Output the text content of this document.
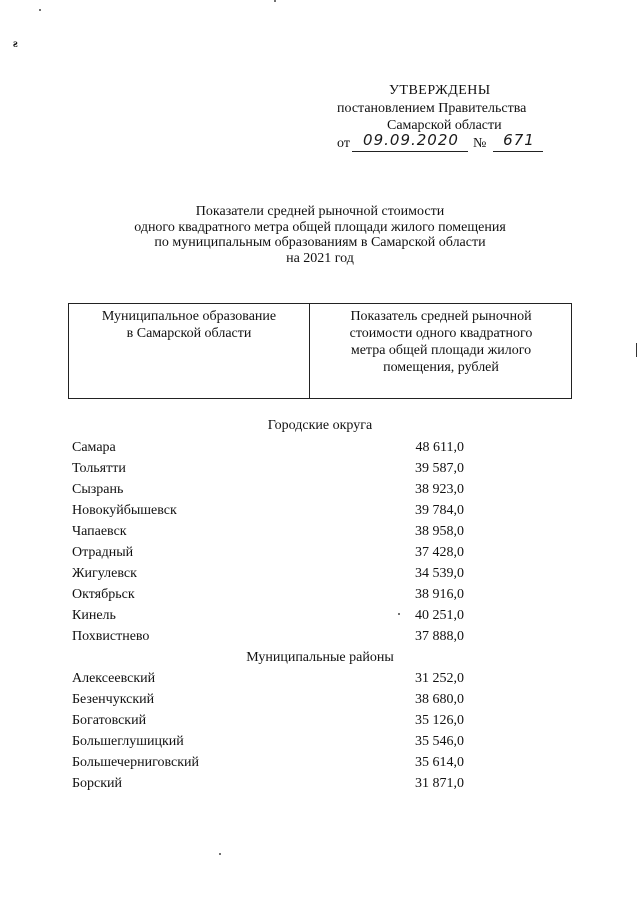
ƨ
УТВЕРЖДЕНЫ
постановлением Правительства
Самарской области
от 09.09.2020	№	671
Показатели средней рыночной стоимости
одного квадратного метра общей площади жилого помещения
по муниципальным образованиям в Самарской области
на 2021 год
Муниципальное образование
в Самарской области
Показатель средней рыночной
стоимости одного квадратного
метра общей площади жилого
помещения, рублей
Городские округа
Самара	48 611,0
Тольятти	39 587,0
Сызрань	38 923,0
Новокуйбышевск	39 784,0
Чапаевск	38 958,0
Отрадный	37 428,0
Жигулевск	34 539,0
Октябрьск	38 916,0
Кинель	40 251,0
Похвистнево	37 888,0
Муниципальные районы
Алексеевский	31 252,0
Безенчукский	38 680,0
Богатовский	35 126,0
Большеглушицкий	35 546,0
Большечерниговский	35 614,0
Борский	31 871,0
